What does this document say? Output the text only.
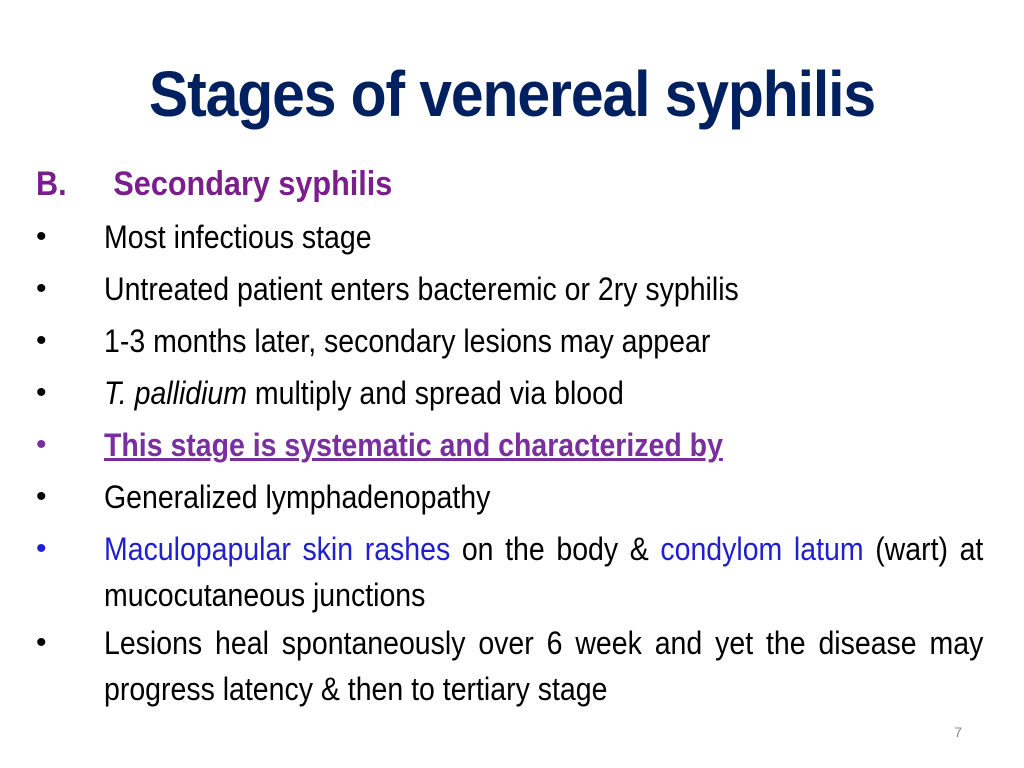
Stages of venereal syphilis
B. Secondary syphilis
• Most infectious stage
• Untreated patient enters bacteremic or 2ry syphilis
• 1-3 months later, secondary lesions may appear
• T. pallidium multiply and spread via blood
• This stage is systematic and characterized by
• Generalized lymphadenopathy
• Maculopapular skin rashes on the body & condylom latum (wart) at mucocutaneous junctions
• Lesions heal spontaneously over 6 week and yet the disease may progress latency & then to tertiary stage
7
